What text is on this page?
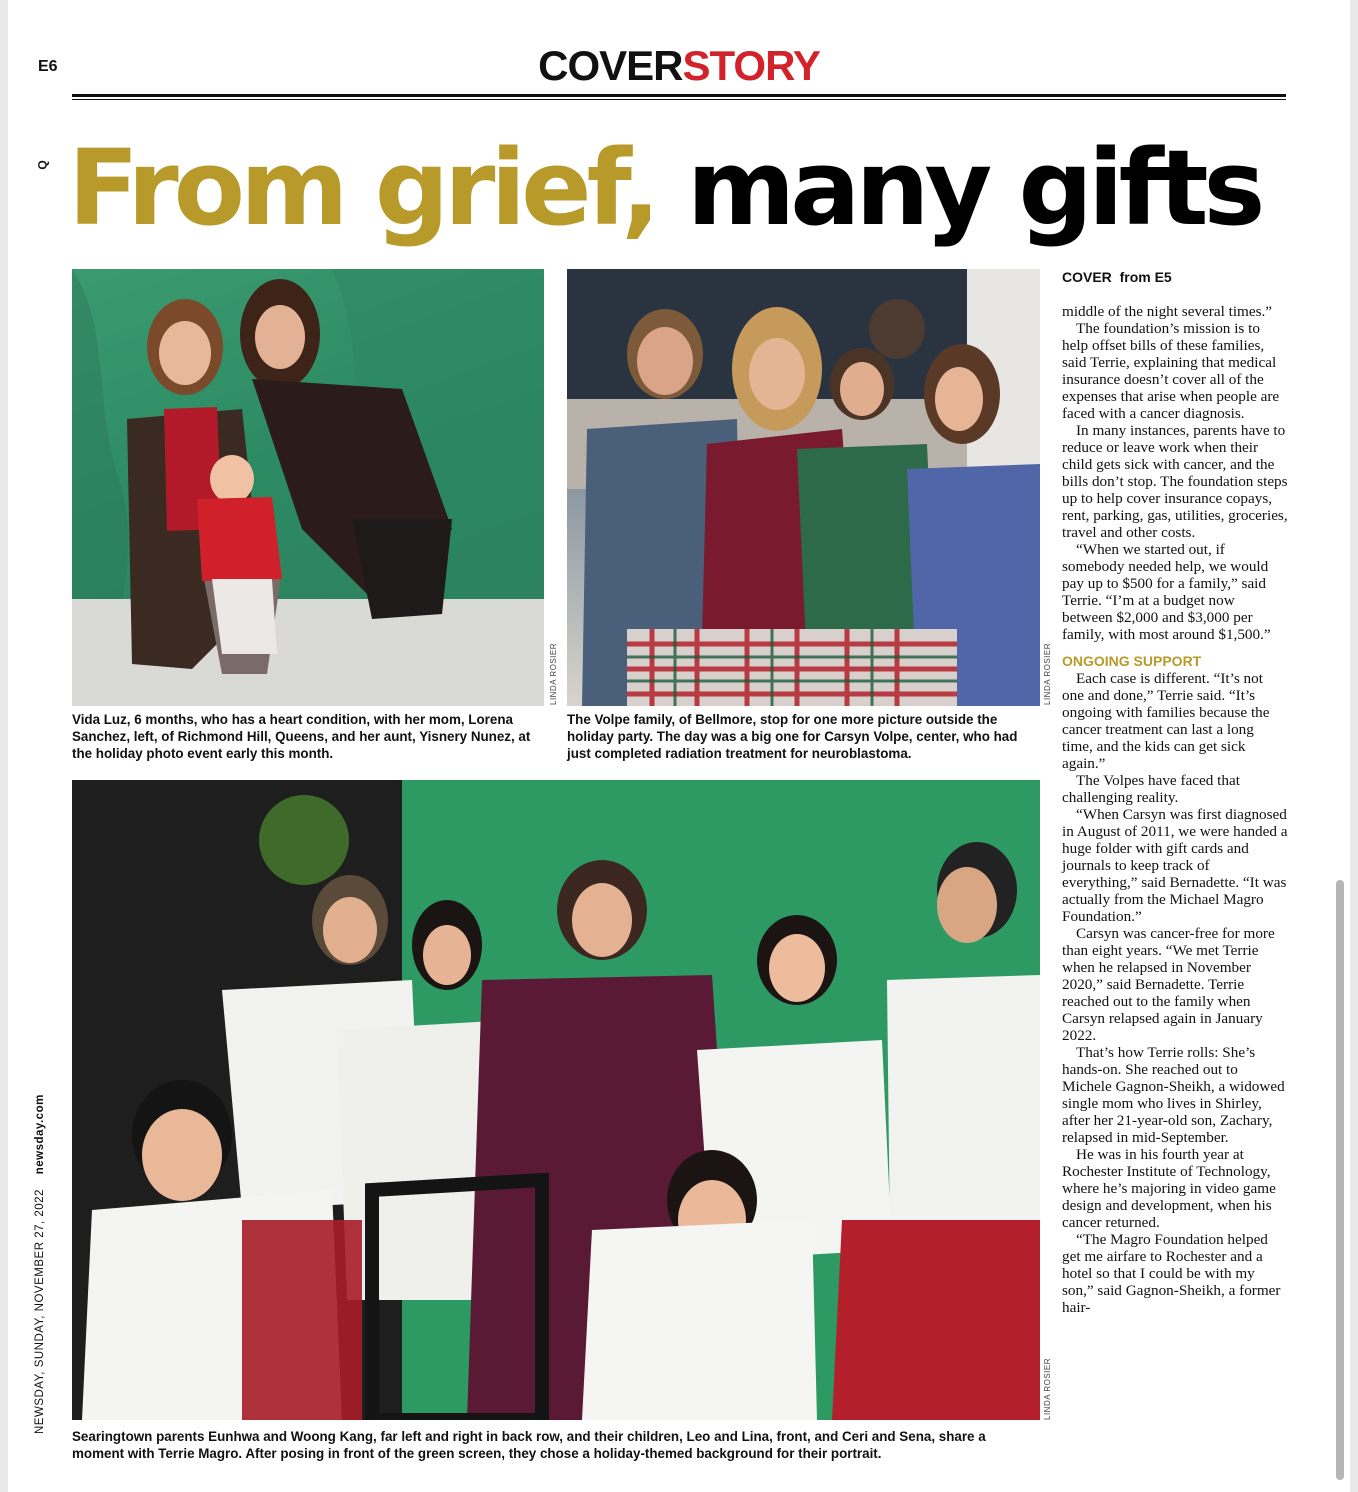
E6	COVERSTORY
Q From grief, many gifts
LINDA ROSIER
Vida Luz, 6 months, who has a heart condition, with her mom, Lorena Sanchez, left, of Richmond Hill, Queens, and her aunt, Yisnery Nunez, at the holiday photo event early this month.
LINDA ROSIER
The Volpe family, of Bellmore, stop for one more picture outside the holiday party. The day was a big one for Carsyn Volpe, center, who had just completed radiation treatment for neuroblastoma.
LINDA ROSIER
Searingtown parents Eunhwa and Woong Kang, far left and right in back row, and their children, Leo and Lina, front, and Ceri and Sena, share a moment with Terrie Magro. After posing in front of the green screen, they chose a holiday-themed background for their portrait.
COVER from E5

middle of the night several times.”

The foundation’s mission is to help offset bills of these families, said Terrie, explaining that medical insurance doesn’t cover all of the expenses that arise when people are faced with a cancer diagnosis.

In many instances, parents have to reduce or leave work when their child gets sick with cancer, and the bills don’t stop. The foundation steps up to help cover insurance copays, rent, parking, gas, utilities, groceries, travel and other costs.

“When we started out, if somebody needed help, we would pay up to $500 for a family,” said Terrie. “I’m at a budget now between $2,000 and $3,000 per family, with most around $1,500.”

ONGOING SUPPORT

Each case is different. “It’s not one and done,” Terrie said. “It’s ongoing with families because the cancer treatment can last a long time, and the kids can get sick again.”

The Volpes have faced that challenging reality.

“When Carsyn was first diagnosed in August of 2011, we were handed a huge folder with gift cards and journals to keep track of everything,” said Bernadette. “It was actually from the Michael Magro Foundation.”

Carsyn was cancer-free for more than eight years. “We met Terrie when he relapsed in November 2020,” said Bernadette. Terrie reached out to the family when Carsyn relapsed again in January 2022.

That’s how Terrie rolls: She’s hands-on. She reached out to Michele Gagnon-Sheikh, a widowed single mom who lives in Shirley, after her 21-year-old son, Zachary, relapsed in mid-September.

He was in his fourth year at Rochester Institute of Technology, where he’s majoring in video game design and development, when his cancer returned.

“The Magro Foundation helped get me airfare to Rochester and a hotel so that I could be with my son,” said Gagnon-Sheikh, a former hair-

NEWSDAY, SUNDAY, NOVEMBER 27, 2022    newsday.com
